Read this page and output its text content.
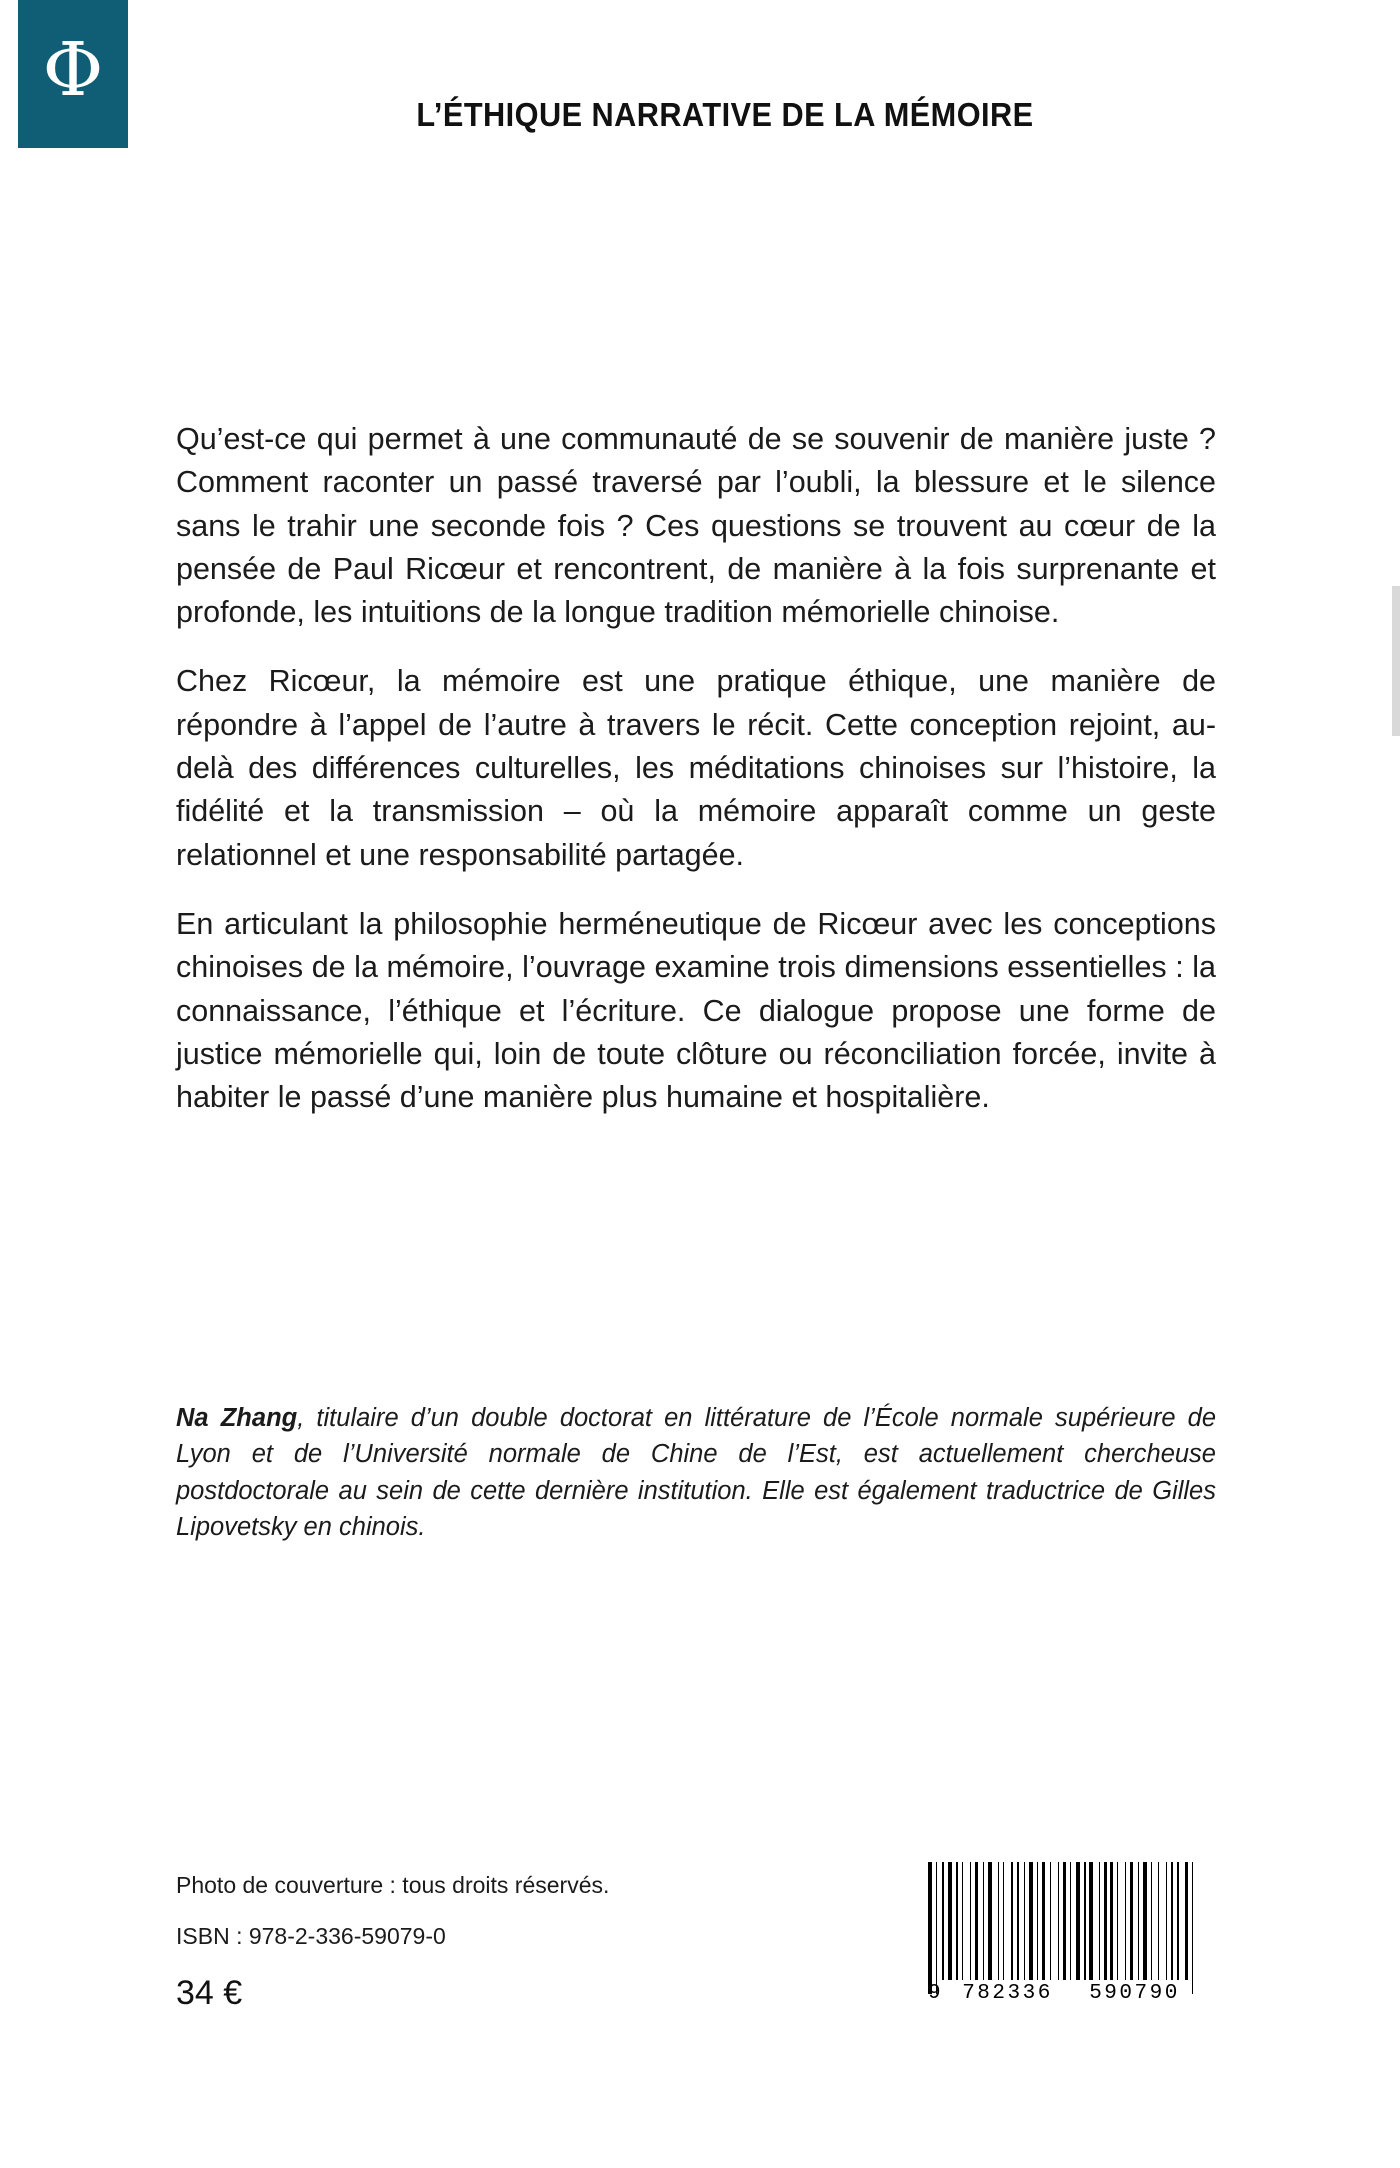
Φ
L’ÉTHIQUE NARRATIVE DE LA MÉMOIRE

Qu’est-ce qui permet à une communauté de se souvenir de manière juste ? Comment raconter un passé traversé par l’oubli, la blessure et le silence sans le trahir une seconde fois ? Ces questions se trouvent au cœur de la pensée de Paul Ricœur et rencontrent, de manière à la fois surprenante et profonde, les intuitions de la longue tradition mémorielle chinoise.

Chez Ricœur, la mémoire est une pratique éthique, une manière de répondre à l’appel de l’autre à travers le récit. Cette conception rejoint, au-delà des différences culturelles, les méditations chinoises sur l’histoire, la fidélité et la transmission – où la mémoire apparaît comme un geste relationnel et une responsabilité partagée.

En articulant la philosophie herméneutique de Ricœur avec les conceptions chinoises de la mémoire, l’ouvrage examine trois dimensions essentielles : la connaissance, l’éthique et l’écriture. Ce dialogue propose une forme de justice mémorielle qui, loin de toute clôture ou réconciliation forcée, invite à habiter le passé d’une manière plus humaine et hospitalière.

Na Zhang, titulaire d’un double doctorat en littérature de l’École normale supérieure de Lyon et de l’Université normale de Chine de l’Est, est actuellement chercheuse postdoctorale au sein de cette dernière institution. Elle est également traductrice de Gilles Lipovetsky en chinois.
Photo de couverture : tous droits réservés.
ISBN : 978-2-336-59079-0
34 €	9 782336	590790
